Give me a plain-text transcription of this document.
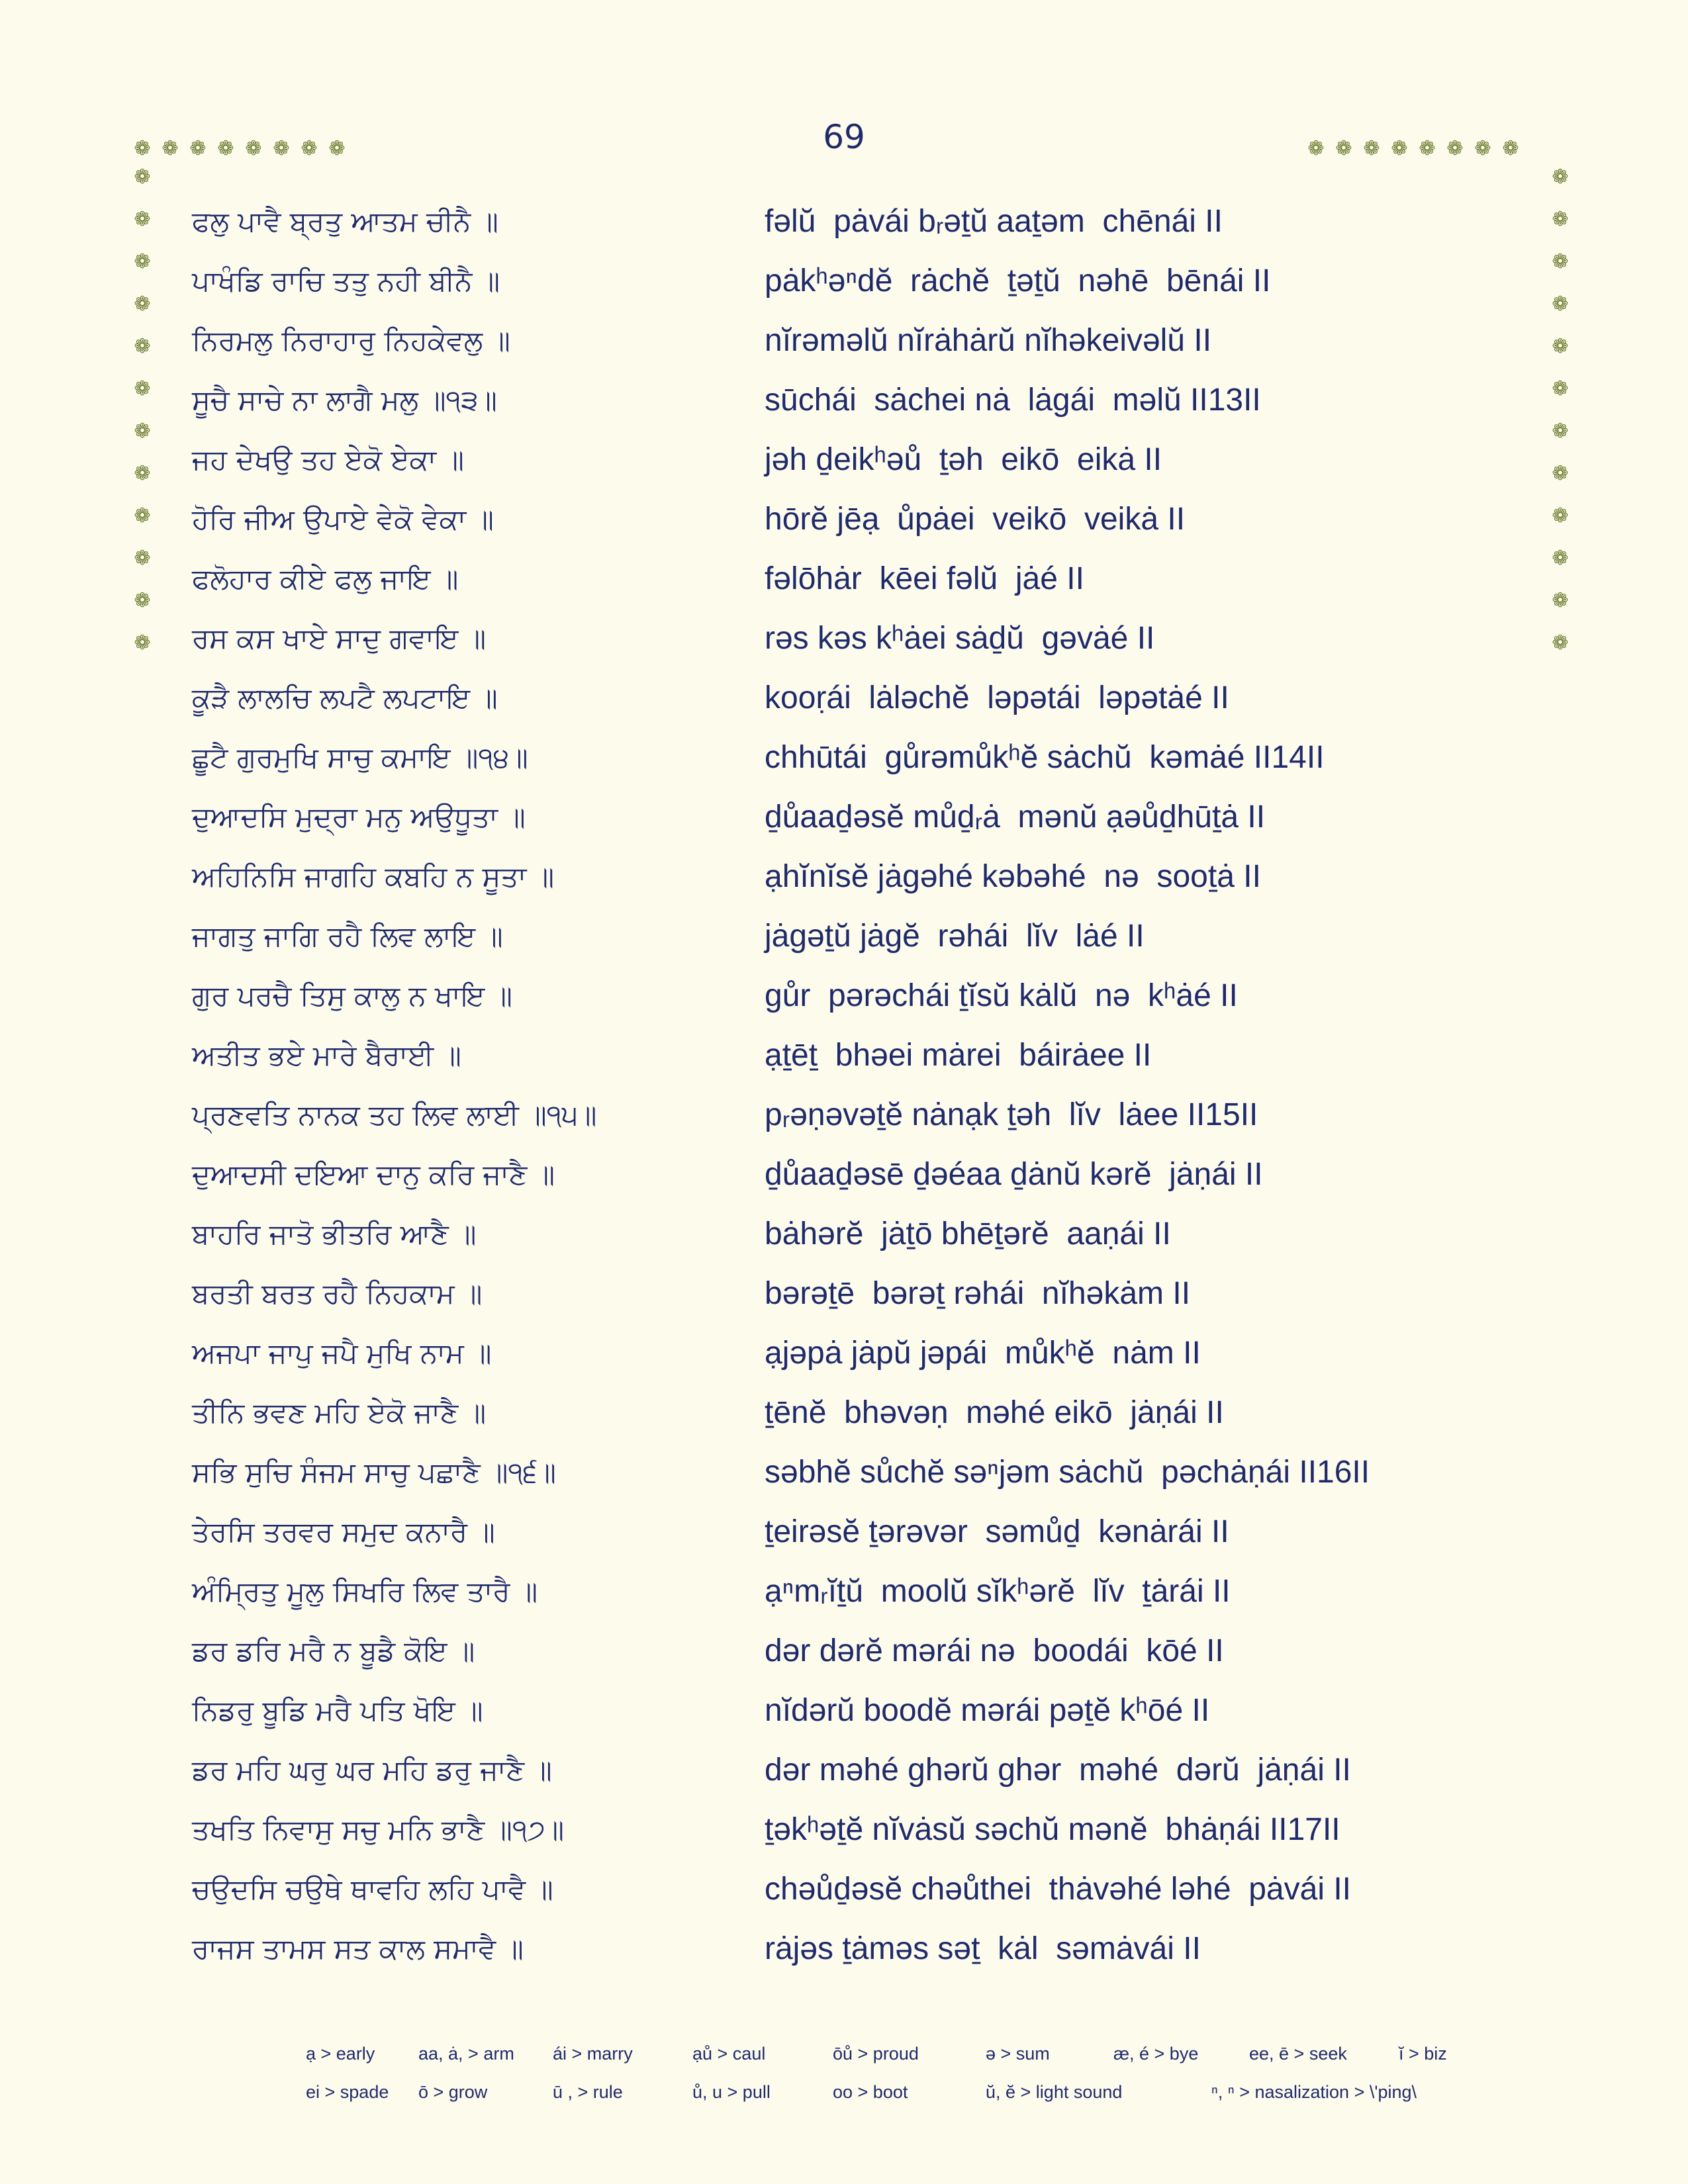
69
❁ ❁ ❁ ❁ ❁ ❁ ❁ ❁	❁ ❁ ❁ ❁ ❁ ❁ ❁ ❁
❁
❁
❁
❁
❁
❁
❁
❁
❁
❁
❁
❁
❁
❁
❁
❁
❁
❁
❁
❁
❁
❁
❁
❁
ਫਲੁ ਪਾਵੈ ਬ੍ਰਤੁ ਆਤਮ ਚੀਨੈ ॥	fəlŭ  pȧvái bᵣəṯŭ aaṯəm  chēnái II
ਪਾਖੰਡਿ ਰਾਚਿ ਤਤੁ ਨਹੀ ਬੀਨੈ ॥	pȧkʰəⁿdĕ  rȧchĕ  ṯəṯŭ  nəhē  bēnái II
ਨਿਰਮਲੁ ਨਿਰਾਹਾਰੁ ਨਿਹਕੇਵਲੁ ॥	nĭrəməlŭ nĭrȧhȧrŭ nĭhəkeivəlŭ II
ਸੂਚੈ ਸਾਚੇ ਨਾ ਲਾਗੈ ਮਲੁ ॥੧੩॥	sūchái  sȧchei nȧ  lȧgái  məlŭ II13II
ਜਹ ਦੇਖਉ ਤਹ ਏਕੋ ਏਕਾ ॥	jəh ḏeikʰəů  ṯəh  eikō  eikȧ II
ਹੋਰਿ ਜੀਅ ਉਪਾਏ ਵੇਕੋ ਵੇਕਾ ॥	hōrĕ jēạ  ůpȧei  veikō  veikȧ II
ਫਲੋਹਾਰ ਕੀਏ ਫਲੁ ਜਾਇ ॥	fəlōhȧr  kēei fəlŭ  jȧé II
ਰਸ ਕਸ ਖਾਏ ਸਾਦੁ ਗਵਾਇ ॥	rəs kəs kʰȧei sȧḏŭ  gəvȧé II
ਕੂੜੈ ਲਾਲਚਿ ਲਪਟੈ ਲਪਟਾਇ ॥	kooṛái  lȧləchĕ  ləpətái  ləpətȧé II
ਛੂਟੈ ਗੁਰਮੁਖਿ ਸਾਚੁ ਕਮਾਇ ॥੧੪॥	chhūtái  gůrəmůkʰĕ sȧchŭ  kəmȧé II14II
ਦੁਆਦਸਿ ਮੁਦ੍ਰਾ ਮਨੁ ਅਉਧੂਤਾ ॥	ḏůaaḏəsĕ můḏᵣȧ  mənŭ ạəůḏhūṯȧ II
ਅਹਿਨਿਸਿ ਜਾਗਹਿ ਕਬਹਿ ਨ ਸੂਤਾ ॥	ạhĭnĭsĕ jȧgəhé kəbəhé  nə  sooṯȧ II
ਜਾਗਤੁ ਜਾਗਿ ਰਹੈ ਲਿਵ ਲਾਇ ॥	jȧgəṯŭ jȧgĕ  rəhái  lĭv  lȧé II
ਗੁਰ ਪਰਚੈ ਤਿਸੁ ਕਾਲੁ ਨ ਖਾਇ ॥	gůr  pərəchái ṯĭsŭ kȧlŭ  nə  kʰȧé II
ਅਤੀਤ ਭਏ ਮਾਰੇ ਬੈਰਾਈ ॥	ạṯēṯ  bhəei mȧrei  báirȧee II
ਪ੍ਰਣਵਤਿ ਨਾਨਕ ਤਹ ਲਿਵ ਲਾਈ ॥੧੫॥	pᵣəṇəvəṯĕ nȧnạk ṯəh  lĭv  lȧee II15II
ਦੁਆਦਸੀ ਦਇਆ ਦਾਨੁ ਕਰਿ ਜਾਣੈ ॥	ḏůaaḏəsē ḏəéaa ḏȧnŭ kərĕ  jȧṇái II
ਬਾਹਰਿ ਜਾਤੋ ਭੀਤਰਿ ਆਣੈ ॥	bȧhərĕ  jȧṯō bhēṯərĕ  aaṇái II
ਬਰਤੀ ਬਰਤ ਰਹੈ ਨਿਹਕਾਮ ॥	bərəṯē  bərəṯ rəhái  nĭhəkȧm II
ਅਜਪਾ ਜਾਪੁ ਜਪੈ ਮੁਖਿ ਨਾਮ ॥	ạjəpȧ jȧpŭ jəpái  můkʰĕ  nȧm II
ਤੀਨਿ ਭਵਣ ਮਹਿ ਏਕੋ ਜਾਣੈ ॥	ṯēnĕ  bhəvəṇ  məhé eikō  jȧṇái II
ਸਭਿ ਸੁਚਿ ਸੰਜਮ ਸਾਚੁ ਪਛਾਣੈ ॥੧੬॥	səbhĕ sůchĕ səⁿjəm sȧchŭ  pəchȧṇái II16II
ਤੇਰਸਿ ਤਰਵਰ ਸਮੁਦ ਕਨਾਰੈ ॥	ṯeirəsĕ ṯərəvər  səmůḏ  kənȧrái II
ਅੰਮ੍ਰਿਤੁ ਮੂਲੁ ਸਿਖਰਿ ਲਿਵ ਤਾਰੈ ॥	ạⁿmᵣĭṯŭ  moolŭ sĭkʰərĕ  lĭv  ṯȧrái II
ਡਰ ਡਰਿ ਮਰੈ ਨ ਬੂਡੈ ਕੋਇ ॥	dər dərĕ mərái nə  boodái  kōé II
ਨਿਡਰੁ ਬੂਡਿ ਮਰੈ ਪਤਿ ਖੋਇ ॥	nĭdərŭ boodĕ mərái pəṯĕ kʰōé II
ਡਰ ਮਹਿ ਘਰੁ ਘਰ ਮਹਿ ਡਰੁ ਜਾਣੈ ॥	dər məhé ghərŭ ghər  məhé  dərŭ  jȧṇái II
ਤਖਤਿ ਨਿਵਾਸੁ ਸਚੁ ਮਨਿ ਭਾਣੈ ॥੧੭॥	ṯəkʰəṯĕ nĭvȧsŭ səchŭ mənĕ  bhȧṇái II17II
ਚਉਦਸਿ ਚਉਥੇ ਥਾਵਹਿ ਲਹਿ ਪਾਵੈ ॥	chəůḏəsĕ chəůthei  thȧvəhé ləhé  pȧvái II
ਰਾਜਸ ਤਾਮਸ ਸਤ ਕਾਲ ਸਮਾਵੈ ॥	rȧjəs ṯȧməs səṯ  kȧl  səmȧvái II
ạ > early aa, ȧ, > arm ái > marry	ạů > caul	ōů > proud	ə > sum	æ, é > bye	ee, ē > seek	ĭ > biz
ei > spade ō > grow	ū , > rule	ů, u > pull	oo > boot	ŭ, ĕ > light sound	ⁿ, ⁿ > nasalization > \'ping\
